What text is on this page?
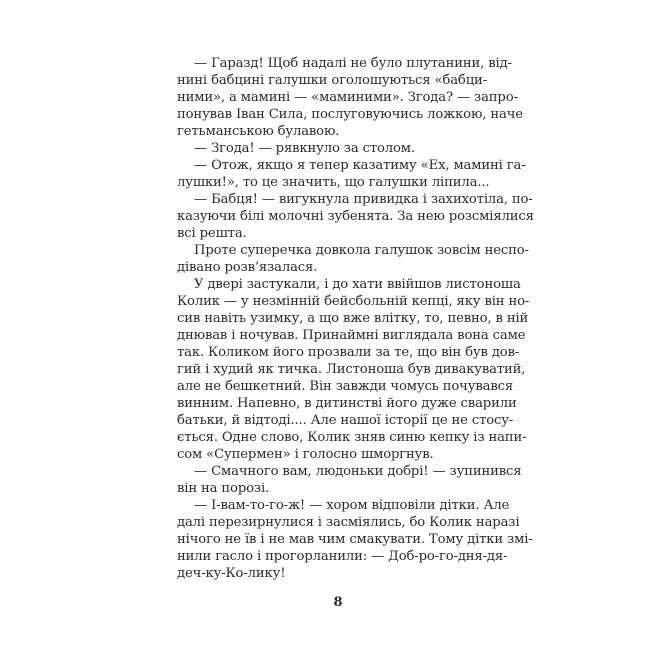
— Гаразд! Щоб надалі не було плутанини, від-
нині бабцині галушки оголошуються «бабци-
ними», а мамині — «маминими». Згода? — запро-
понував Іван Сила, послуговуючись ложкою, наче
гетьманською булавою.
— Згода! — рявкнуло за столом.
— Отож, якщо я тепер казатиму «Ех, мамині га-
лушки!», то це значить, що галушки ліпила...
— Бабця! — вигукнула привидка і захихотіла, по-
казуючи білі молочні зубенята. За нею розсміялися
всі решта.
Проте суперечка довкола галушок зовсім неспо-
дівано розв’язалася.
У двері застукали, і до хати ввійшов листоноша
Колик — у незмінній бейсбольній кепці, яку він но-
сив навіть узимку, а що вже влітку, то, певно, в ній
днював і ночував. Принаймні виглядала вона саме
так. Коликом його прозвали за те, що він був дов-
гий і худий як тичка. Листоноша був дивакуватий,
але не бешкетний. Він завжди чомусь почувався
винним. Напевно, в дитинстві його дуже сварили
батьки, й відтоді.... Але нашої історії це не стосу-
ється. Одне слово, Колик зняв синю кепку із напи-
сом «Супермен» і голосно шморгнув.
— Смачного вам, людоньки добрі! — зупинився
він на порозі.
— І-вам-то-го-ж! — хором відповіли дітки. Але
далі перезирнулися і засміялись, бо Колик наразі
нічого не їв і не мав чим смакувати. Тому дітки змі-
нили гасло і прогорланили: — Доб-ро-го-дня-дя-
деч-ку-Ко-лику!
8
